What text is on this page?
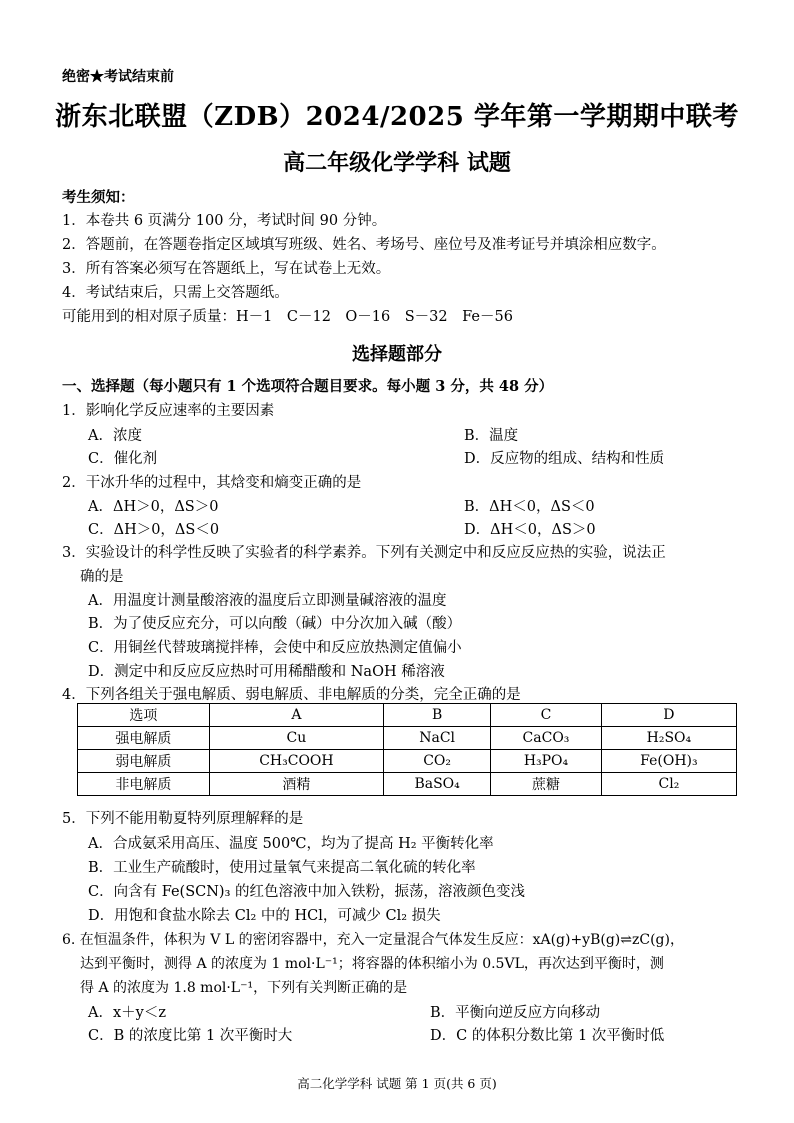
绝密★考试结束前
浙东北联盟（ZDB）2024/2025 学年第一学期期中联考
高二年级化学学科 试题
考生须知：
1．本卷共 6 页满分 100 分，考试时间 90 分钟。
2．答题前，在答题卷指定区域填写班级、姓名、考场号、座位号及准考证号并填涂相应数字。
3．所有答案必须写在答题纸上，写在试卷上无效。
4．考试结束后，只需上交答题纸。
可能用到的相对原子质量：H－1　C－12　O－16　S－32　Fe－56
选择题部分
一、选择题（每小题只有 1 个选项符合题目要求。每小题 3 分，共 48 分）
1．影响化学反应速率的主要因素
A．浓度	B．温度
C．催化剂	D．反应物的组成、结构和性质
2．干冰升华的过程中，其焓变和熵变正确的是
A．ΔH＞0，ΔS＞0	B．ΔH＜0，ΔS＜0
C．ΔH＞0，ΔS＜0	D．ΔH＜0，ΔS＞0
3．实验设计的科学性反映了实验者的科学素养。下列有关测定中和反应反应热的实验，说法正
确的是
A．用温度计测量酸溶液的温度后立即测量碱溶液的温度
B．为了使反应充分，可以向酸（碱）中分次加入碱（酸）
C．用铜丝代替玻璃搅拌棒，会使中和反应放热测定值偏小
D．测定中和反应反应热时可用稀醋酸和 NaOH 稀溶液
4．下列各组关于强电解质、弱电解质、非电解质的分类，完全正确的是
选项	A	B	C	D
强电解质	Cu	NaCl	CaCO₃	H₂SO₄
弱电解质	CH₃COOH	CO₂	H₃PO₄	Fe(OH)₃
非电解质	酒精	BaSO₄	蔗糖	Cl₂
5．下列不能用勒夏特列原理解释的是
A．合成氨采用高压、温度 500℃，均为了提高 H₂ 平衡转化率
B．工业生产硫酸时，使用过量氧气来提高二氧化硫的转化率
C．向含有 Fe(SCN)₃ 的红色溶液中加入铁粉，振荡，溶液颜色变浅
D．用饱和食盐水除去 Cl₂ 中的 HCl，可减少 Cl₂ 损失
6. 在恒温条件，体积为 V L 的密闭容器中，充入一定量混合气体发生反应：xA(g)+yB(g)⇌zC(g)，
达到平衡时，测得 A 的浓度为 1 mol·L⁻¹；将容器的体积缩小为 0.5VL，再次达到平衡时，测
得 A 的浓度为 1.8 mol·L⁻¹，下列有关判断正确的是
A．x＋y＜z	B．平衡向逆反应方向移动
C．B 的浓度比第 1 次平衡时大	D．C 的体积分数比第 1 次平衡时低
高二化学学科 试题 第 1 页(共 6 页)
